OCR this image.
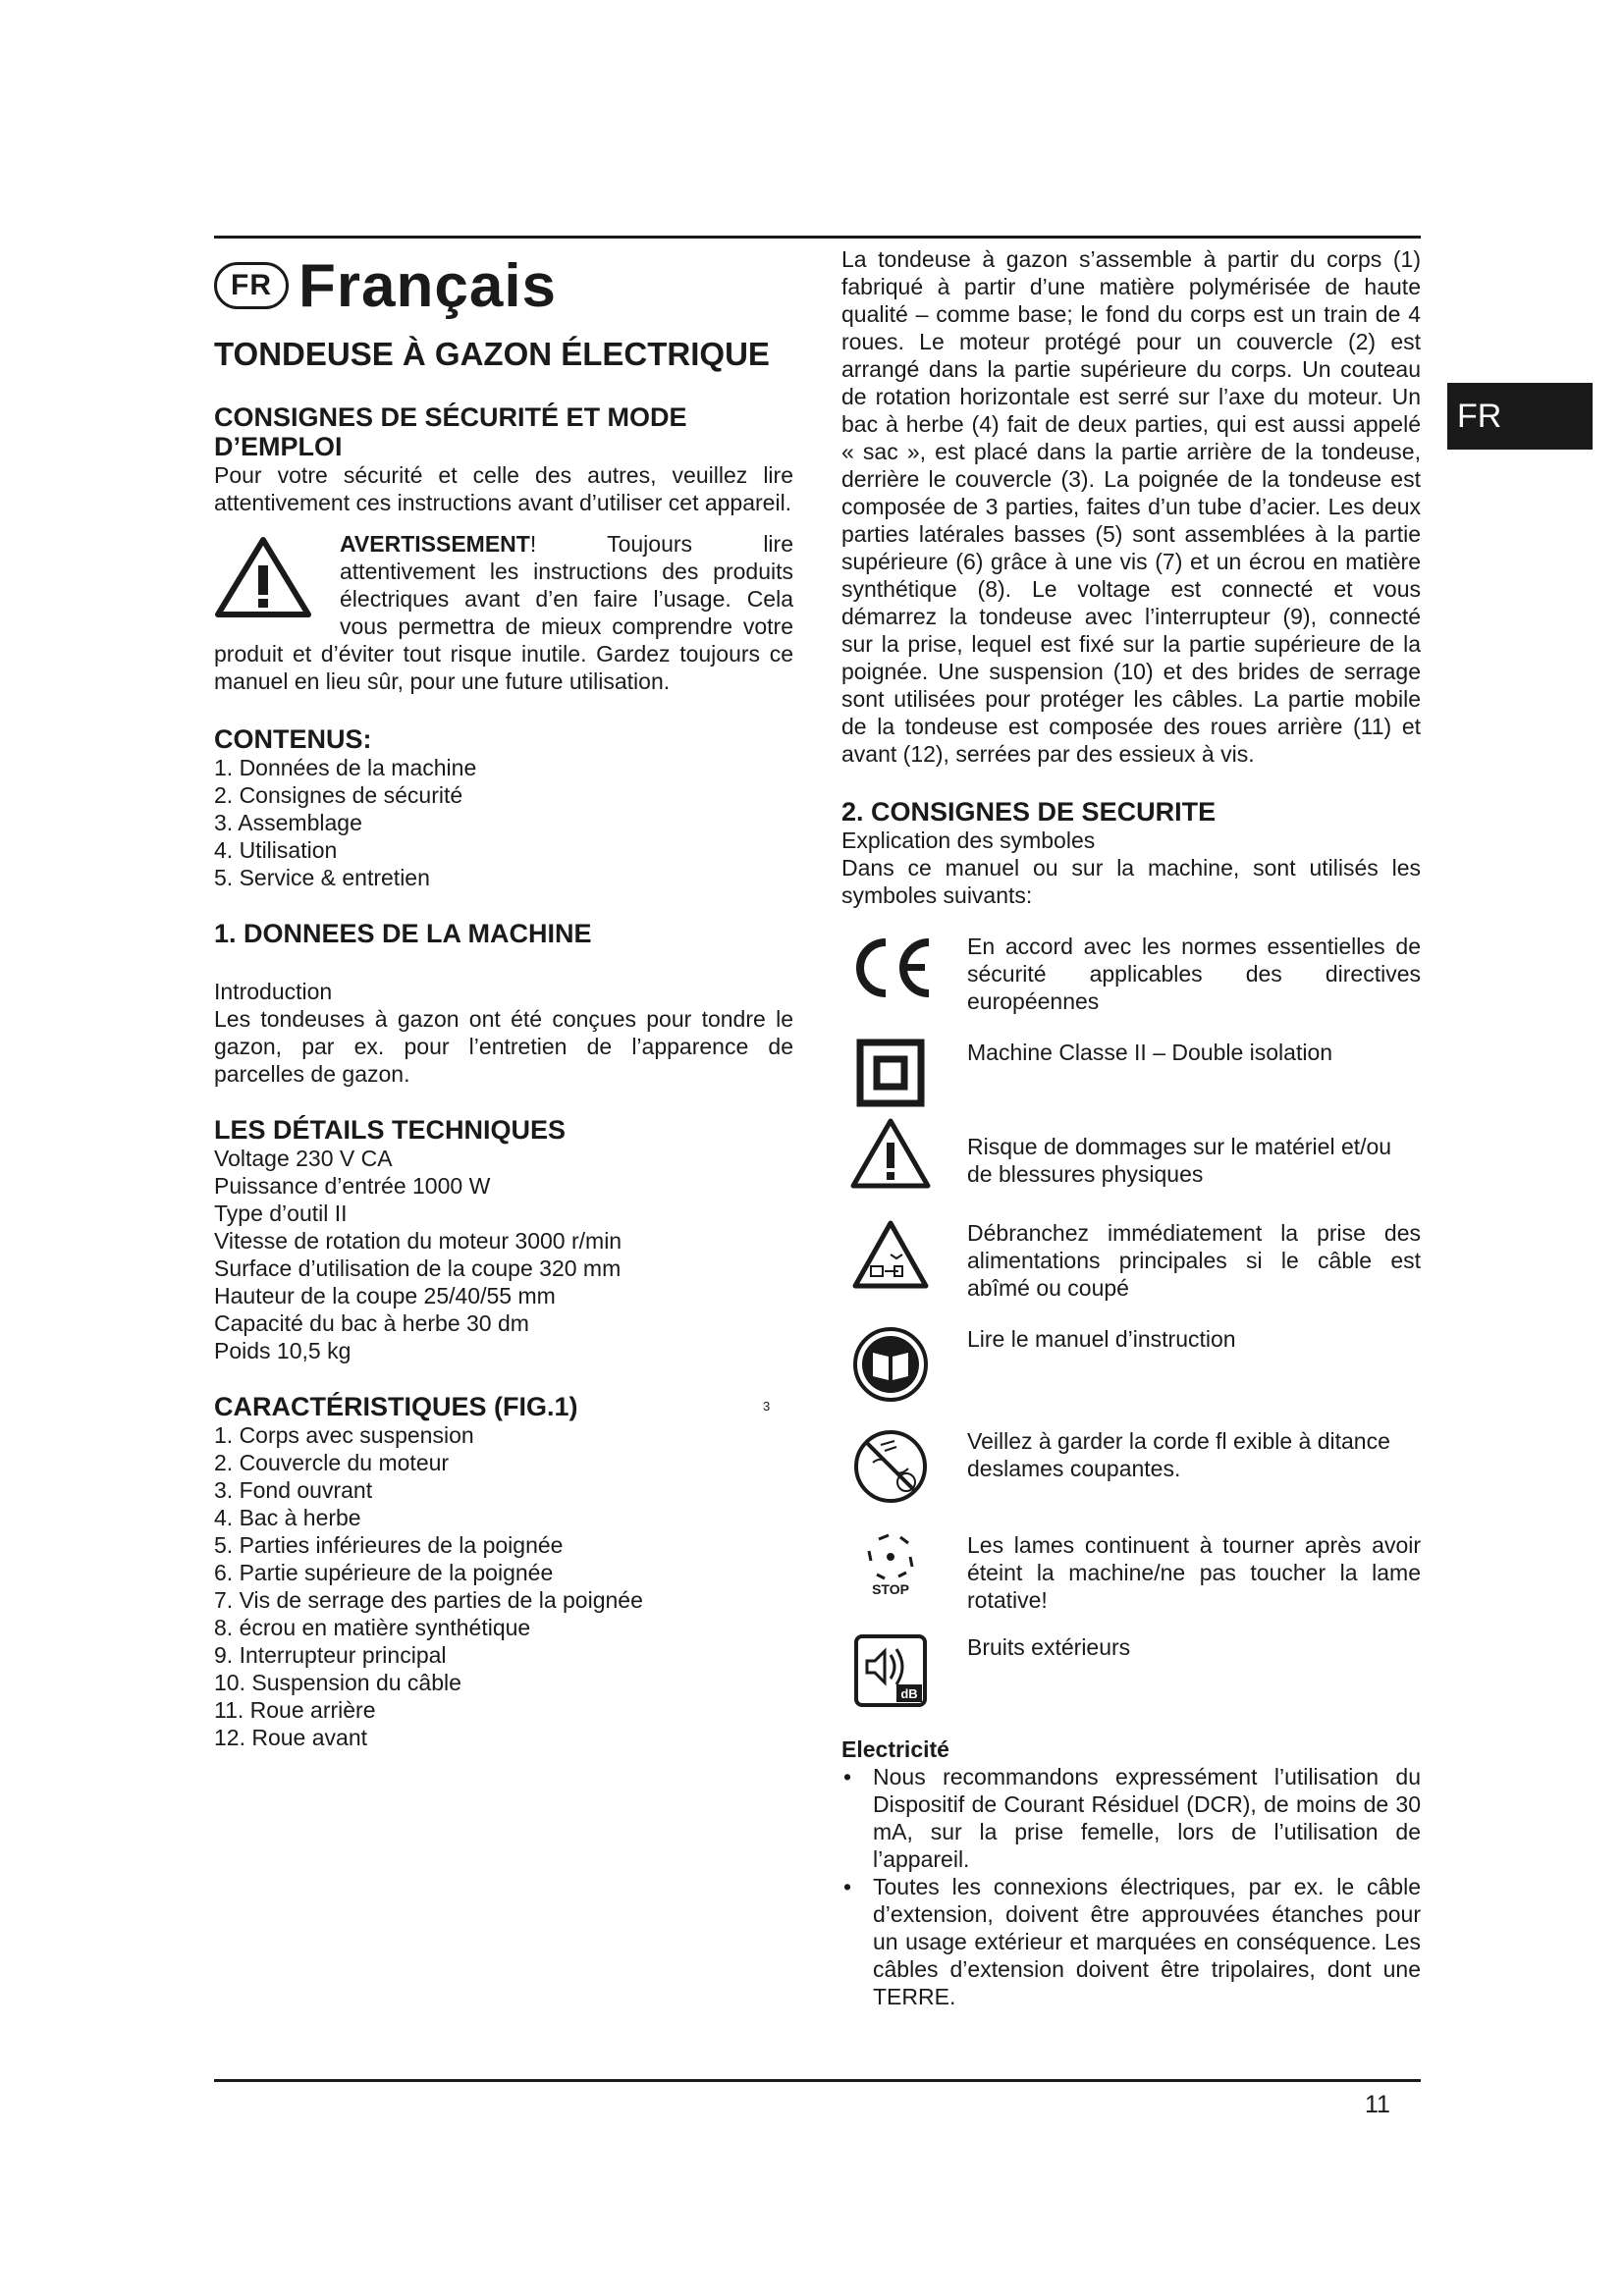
FR
11
3
FR Français
TONDEUSE À GAZON ÉLECTRIQUE
CONSIGNES DE SÉCURITÉ ET MODE D’EMPLOI

Pour votre sécurité et celle des autres, veuillez lire attentivement ces instructions avant d’utiliser cet appareil.

AVERTISSEMENT! Toujours lire attentivement les instructions des produits électriques avant d’en faire l’usage. Cela vous permettra de mieux comprendre votre produit et d’éviter tout risque inutile. Gardez toujours ce manuel en lieu sûr, pour une future utilisation.

CONTENUS:

1. Données de la machine

2. Consignes de sécurité

3. Assemblage

4. Utilisation

5. Service & entretien

1. DONNEES DE LA MACHINE

Introduction

Les tondeuses à gazon ont été conçues pour tondre le gazon, par ex. pour l’entretien de l’apparence de parcelles de gazon.

LES DÉTAILS TECHNIQUES

Voltage 230 V CA

Puissance d’entrée 1000 W

Type d’outil II

Vitesse de rotation du moteur 3000 r/min

Surface d’utilisation de la coupe 320 mm

Hauteur de la coupe 25/40/55 mm

Capacité du bac à herbe 30 dm

Poids 10,5 kg

CARACTÉRISTIQUES (FIG.1)

1. Corps avec suspension

2. Couvercle du moteur

3. Fond ouvrant

4. Bac à herbe

5. Parties inférieures de la poignée

6. Partie supérieure de la poignée

7. Vis de serrage des parties de la poignée

8. écrou en matière synthétique

9. Interrupteur principal

10. Suspension du câble

11. Roue arrière

12. Roue avant

La tondeuse à gazon s’assemble à partir du corps (1) fabriqué à partir d’une matière polymérisée de haute qualité – comme base; le fond du corps est un train de 4 roues. Le moteur protégé pour un couvercle (2) est arrangé dans la partie supérieure du corps. Un couteau de rotation horizontale est serré sur l’axe du moteur. Un bac à herbe (4) fait de deux parties, qui est aussi appelé « sac », est placé dans la partie arrière de la tondeuse, derrière le couvercle (3). La poignée de la tondeuse est composée de 3 parties, faites d’un tube d’acier. Les deux parties latérales basses (5) sont assemblées à la partie supérieure (6) grâce à une vis (7) et un écrou en matière synthétique (8). Le voltage est connecté et vous démarrez la tondeuse avec l’interrupteur (9), connecté sur la prise, lequel est fixé sur la partie supérieure de la poignée. Une suspension (10) et des brides de serrage sont utilisées pour protéger les câbles. La partie mobile de la tondeuse est composée des roues arrière (11) et avant (12), serrées par des essieux à vis.

2. CONSIGNES DE SECURITE

Explication des symboles

Dans ce manuel ou sur la machine, sont utilisés les symboles suivants:

En accord avec les normes essentielles de sécurité applicables des directives européennes

Machine Classe II – Double isolation

Risque de dommages sur le matériel et/ou de blessures physiques

Débranchez immédiatement la prise des alimentations principales si le câble est abîmé ou coupé

Lire le manuel d’instruction

Veillez à garder la corde fl exible à ditance deslames coupantes.

STOP

Les lames continuent à tourner après avoir éteint la machine/ne pas toucher la lame rotative!

dB

Bruits extérieurs

Electricité
• Nous recommandons expressément l’utilisation du Dispositif de Courant Résiduel (DCR), de moins de 30 mA, sur la prise femelle, lors de l’utilisation de l’appareil.
• Toutes les connexions électriques, par ex. le câble d’extension, doivent être approuvées étanches pour un usage extérieur et marquées en conséquence. Les câbles d’extension doivent être tripolaires, dont une TERRE.
